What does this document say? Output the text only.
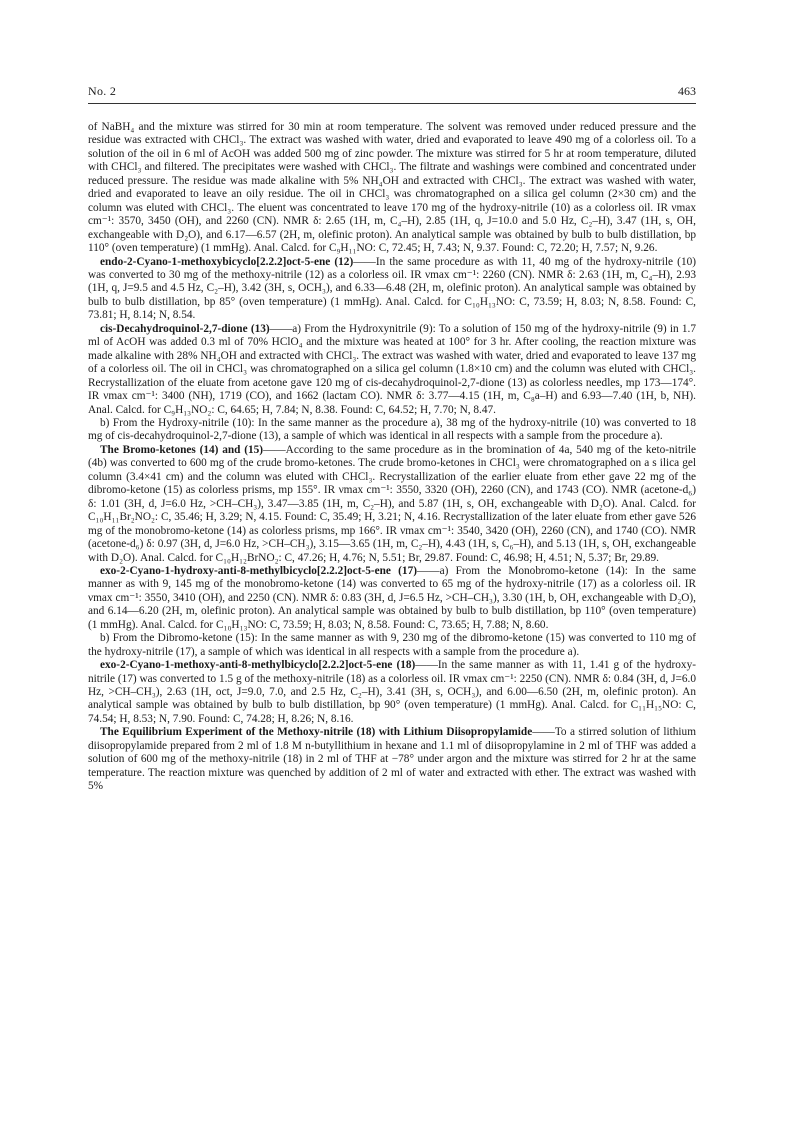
No. 2	463

of NaBH₄ and the mixture was stirred for 30 min at room temperature. The solvent was removed under reduced pressure and the residue was extracted with CHCl₃. The extract was washed with water, dried and evaporated to leave 490 mg of a colorless oil. To a solution of the oil in 6 ml of AcOH was added 500 mg of zinc powder. The mixture was stirred for 5 hr at room temperature, diluted with CHCl₃ and filtered. The precipitates were washed with CHCl₃. The filtrate and washings were combined and concentrated under reduced pressure. The residue was made alkaline with 5% NH₄OH and extracted with CHCl₃. The extract was washed with water, dried and evaporated to leave an oily residue. The oil in CHCl₃ was chromatographed on a silica gel column (2×30 cm) and the column was eluted with CHCl₃. The eluent was concentrated to leave 170 mg of the hydroxy-nitrile (10) as a colorless oil. IR νmax cm⁻¹: 3570, 3450 (OH), and 2260 (CN). NMR δ: 2.65 (1H, m, C₄–H), 2.85 (1H, q, J=10.0 and 5.0 Hz, C₂–H), 3.47 (1H, s, OH, exchangeable with D₂O), and 6.17—6.57 (2H, m, olefinic proton). An analytical sample was obtained by bulb to bulb distillation, bp 110° (oven temperature) (1 mmHg). Anal. Calcd. for C₉H₁₁NO: C, 72.45; H, 7.43; N, 9.37. Found: C, 72.20; H, 7.57; N, 9.26.

endo-2-Cyano-1-methoxybicyclo[2.2.2]oct-5-ene (12)——In the same procedure as with 11, 40 mg of the hydroxy-nitrile (10) was converted to 30 mg of the methoxy-nitrile (12) as a colorless oil. IR νmax cm⁻¹: 2260 (CN). NMR δ: 2.63 (1H, m, C₄–H), 2.93 (1H, q, J=9.5 and 4.5 Hz, C₂–H), 3.42 (3H, s, OCH₃), and 6.33—6.48 (2H, m, olefinic proton). An analytical sample was obtained by bulb to bulb distillation, bp 85° (oven temperature) (1 mmHg). Anal. Calcd. for C₁₀H₁₃NO: C, 73.59; H, 8.03; N, 8.58. Found: C, 73.81; H, 8.14; N, 8.54.

cis-Decahydroquinol-2,7-dione (13)——a) From the Hydroxynitrile (9): To a solution of 150 mg of the hydroxy-nitrile (9) in 1.7 ml of AcOH was added 0.3 ml of 70% HClO₄ and the mixture was heated at 100° for 3 hr. After cooling, the reaction mixture was made alkaline with 28% NH₄OH and extracted with CHCl₃. The extract was washed with water, dried and evaporated to leave 137 mg of a colorless oil. The oil in CHCl₃ was chromatographed on a silica gel column (1.8×10 cm) and the column was eluted with CHCl₃. Recrystallization of the eluate from acetone gave 120 mg of cis-decahydroquinol-2,7-dione (13) as colorless needles, mp 173—174°. IR νmax cm⁻¹: 3400 (NH), 1719 (CO), and 1662 (lactam CO). NMR δ: 3.77—4.15 (1H, m, C₈a–H) and 6.93—7.40 (1H, b, NH). Anal. Calcd. for C₉H₁₃NO₂: C, 64.65; H, 7.84; N, 8.38. Found: C, 64.52; H, 7.70; N, 8.47.

b) From the Hydroxy-nitrile (10): In the same manner as the procedure a), 38 mg of the hydroxy-nitrile (10) was converted to 18 mg of cis-decahydroquinol-2,7-dione (13), a sample of which was identical in all respects with a sample from the procedure a).

The Bromo-ketones (14) and (15)——According to the same procedure as in the bromination of 4a, 540 mg of the keto-nitrile (4b) was converted to 600 mg of the crude bromo-ketones. The crude bromo-ketones in CHCl₃ were chromatographed on a s ilica gel column (3.4×41 cm) and the column was eluted with CHCl₃. Recrystallization of the earlier eluate from ether gave 22 mg of the dibromo-ketone (15) as colorless prisms, mp 155°. IR νmax cm⁻¹: 3550, 3320 (OH), 2260 (CN), and 1743 (CO). NMR (acetone-d₆) δ: 1.01 (3H, d, J=6.0 Hz, >CH–CH₃), 3.47—3.85 (1H, m, C₂–H), and 5.87 (1H, s, OH, exchangeable with D₂O). Anal. Calcd. for C₁₀H₁₁Br₂NO₂: C, 35.46; H, 3.29; N, 4.15. Found: C, 35.49; H, 3.21; N, 4.16. Recrystallization of the later eluate from ether gave 526 mg of the monobromo-ketone (14) as colorless prisms, mp 166°. IR νmax cm⁻¹: 3540, 3420 (OH), 2260 (CN), and 1740 (CO). NMR (acetone-d₆) δ: 0.97 (3H, d, J=6.0 Hz, >CH–CH₃), 3.15—3.65 (1H, m, C₂–H), 4.43 (1H, s, C₆–H), and 5.13 (1H, s, OH, exchangeable with D₂O). Anal. Calcd. for C₁₀H₁₂BrNO₂: C, 47.26; H, 4.76; N, 5.51; Br, 29.87. Found: C, 46.98; H, 4.51; N, 5.37; Br, 29.89.

exo-2-Cyano-1-hydroxy-anti-8-methylbicyclo[2.2.2]oct-5-ene (17)——a) From the Monobromo-ketone (14): In the same manner as with 9, 145 mg of the monobromo-ketone (14) was converted to 65 mg of the hydroxy-nitrile (17) as a colorless oil. IR νmax cm⁻¹: 3550, 3410 (OH), and 2250 (CN). NMR δ: 0.83 (3H, d, J=6.5 Hz, >CH–CH₃), 3.30 (1H, b, OH, exchangeable with D₂O), and 6.14—6.20 (2H, m, olefinic proton). An analytical sample was obtained by bulb to bulb distillation, bp 110° (oven temperature) (1 mmHg). Anal. Calcd. for C₁₀H₁₃NO: C, 73.59; H, 8.03; N, 8.58. Found: C, 73.65; H, 7.88; N, 8.60.

b) From the Dibromo-ketone (15): In the same manner as with 9, 230 mg of the dibromo-ketone (15) was converted to 110 mg of the hydroxy-nitrile (17), a sample of which was identical in all respects with a sample from the procedure a).

exo-2-Cyano-1-methoxy-anti-8-methylbicyclo[2.2.2]oct-5-ene (18)——In the same manner as with 11, 1.41 g of the hydroxy-nitrile (17) was converted to 1.5 g of the methoxy-nitrile (18) as a colorless oil. IR νmax cm⁻¹: 2250 (CN). NMR δ: 0.84 (3H, d, J=6.0 Hz, >CH–CH₃), 2.63 (1H, oct, J=9.0, 7.0, and 2.5 Hz, C₂–H), 3.41 (3H, s, OCH₃), and 6.00—6.50 (2H, m, olefinic proton). An analytical sample was obtained by bulb to bulb distillation, bp 90° (oven temperature) (1 mmHg). Anal. Calcd. for C₁₁H₁₅NO: C, 74.54; H, 8.53; N, 7.90. Found: C, 74.28; H, 8.26; N, 8.16.

The Equilibrium Experiment of the Methoxy-nitrile (18) with Lithium Diisopropylamide——To a stirred solution of lithium diisopropylamide prepared from 2 ml of 1.8 M n-butyllithium in hexane and 1.1 ml of diisopropylamine in 2 ml of THF was added a solution of 600 mg of the methoxy-nitrile (18) in 2 ml of THF at −78° under argon and the mixture was stirred for 2 hr at the same temperature. The reaction mixture was quenched by addition of 2 ml of water and extracted with ether. The extract was washed with 5%
